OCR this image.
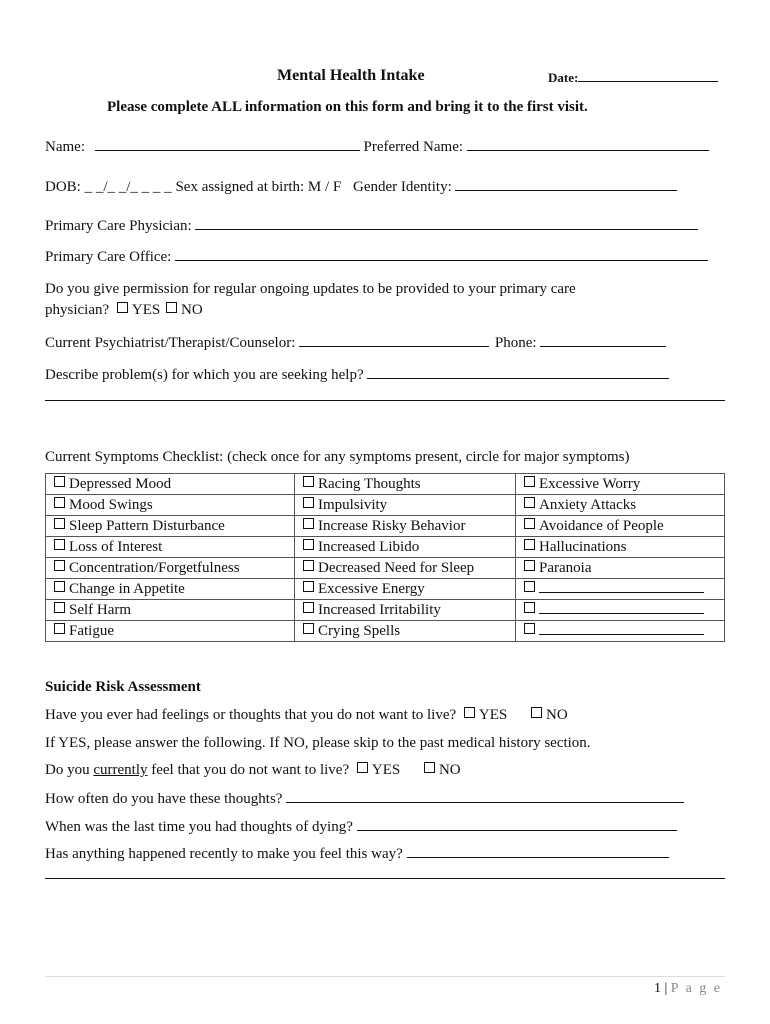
Mental Health Intake	Date:
Please complete ALL information on this form and bring it to the first visit.
Name:	Preferred Name:
DOB: _ _/_ _/_ _ _ _ Sex assigned at birth: M / F Gender Identity:
Primary Care Physician:
Primary Care Office:
Do you give permission for regular ongoing updates to be provided to your primary care
physician? YES NO
Current Psychiatrist/Therapist/Counselor:	Phone:
Describe problem(s) for which you are seeking help?
Current Symptoms Checklist: (check once for any symptoms present, circle for major symptoms)
Depressed Mood	Racing Thoughts	Excessive Worry
Mood Swings	Impulsivity	Anxiety Attacks
Sleep Pattern Disturbance	Increase Risky Behavior	Avoidance of People
Loss of Interest	Increased Libido	Hallucinations
Concentration/Forgetfulness	Decreased Need for Sleep	Paranoia
Change in Appetite	Excessive Energy	
Self Harm	Increased Irritability	
Fatigue	Crying Spells	
Suicide Risk Assessment
Have you ever had feelings or thoughts that you do not want to live? YES	NO
If YES, please answer the following. If NO, please skip to the past medical history section.
Do you currently feel that you do not want to live? YES	NO
How often do you have these thoughts?
When was the last time you had thoughts of dying?
Has anything happened recently to make you feel this way?
1 | P a g e
